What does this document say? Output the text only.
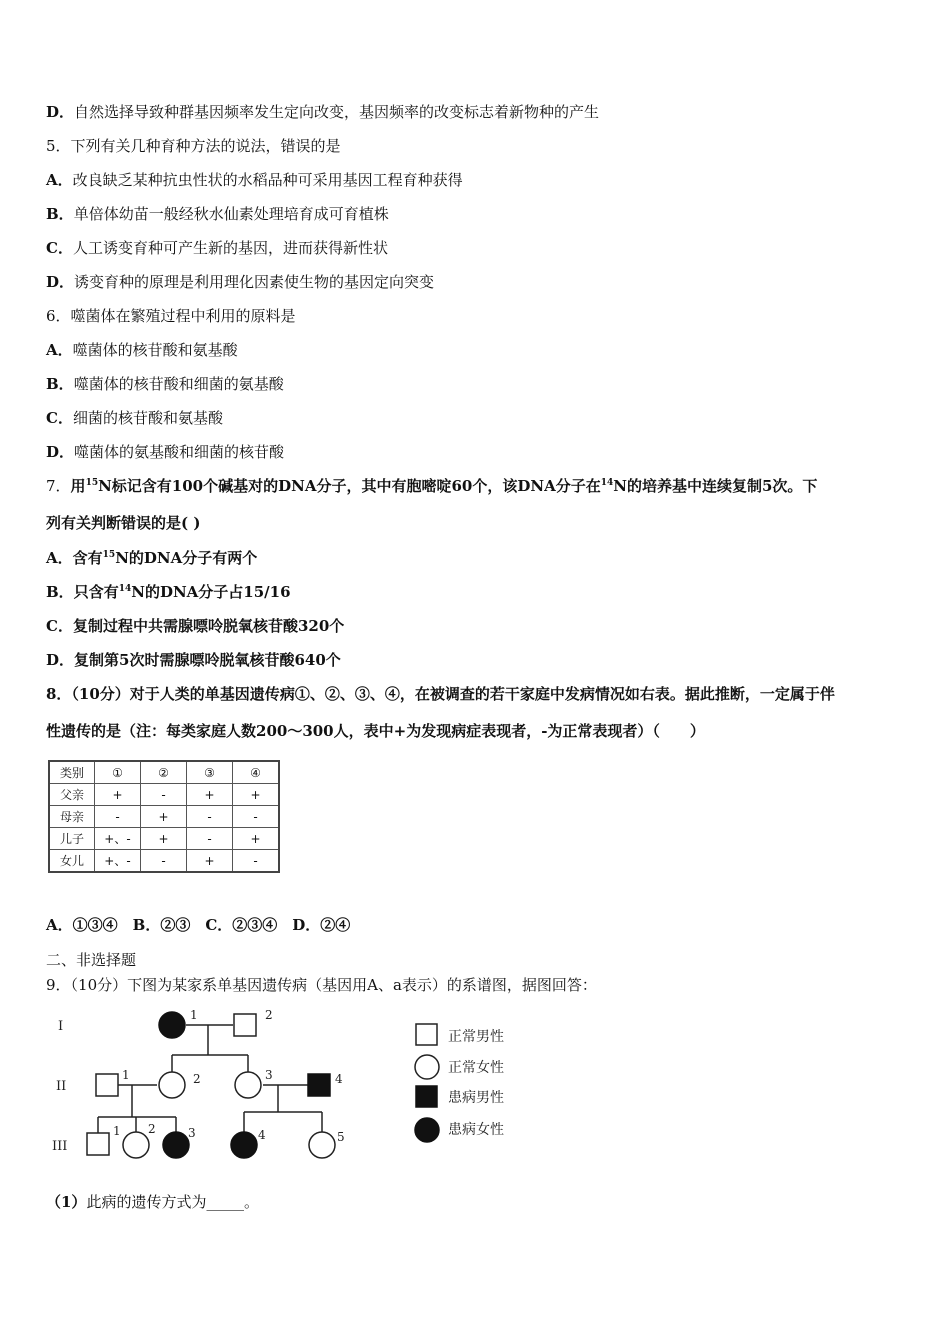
D．自然选择导致种群基因频率发生定向改变，基因频率的改变标志着新物种的产生
5．下列有关几种育种方法的说法，错误的是
A．改良缺乏某种抗虫性状的水稻品种可采用基因工程育种获得
B．单倍体幼苗一般经秋水仙素处理培育成可育植株
C．人工诱变育种可产生新的基因，进而获得新性状
D．诱变育种的原理是利用理化因素使生物的基因定向突变
6．噬菌体在繁殖过程中利用的原料是
A．噬菌体的核苷酸和氨基酸
B．噬菌体的核苷酸和细菌的氨基酸
C．细菌的核苷酸和氨基酸
D．噬菌体的氨基酸和细菌的核苷酸
7．用$^{15}$N标记含有100个碱基对的DNA分子，其中有胞嘧啶60个，该DNA分子在$^{14}$N的培养基中连续复制5次。下
列有关判断错误的是( )
A．含有$^{15}$N的DNA分子有两个
B．只含有$^{14}$N的DNA分子占15/16
C．复制过程中共需腺嘌呤脱氧核苷酸320个
D．复制第5次时需腺嘌呤脱氧核苷酸640个
8．（10分）对于人类的单基因遗传病①、②、③、④，在被调查的若干家庭中发病情况如右表。据此推断，一定属于伴
性遗传的是（注：每类家庭人数200～300人，表中+为发现病症表现者，-为正常表现者）（　　）
类别	①	②	③	④
父亲	+	-	+	+
母亲	-	+	-	-
儿子	+、-	+	-	+
女儿	+、-	-	+	-
A．①③④　B．②③　C．②③④　D．②④
二、非选择题
9．（10分）下图为某家系单基因遗传病（基因用A、a表示）的系谱图，据图回答：
I
II
III
1	2
1	2	3	4
1 2	3	4	5
正常男性
正常女性
患病男性
患病女性
（1）此病的遗传方式为_____。
